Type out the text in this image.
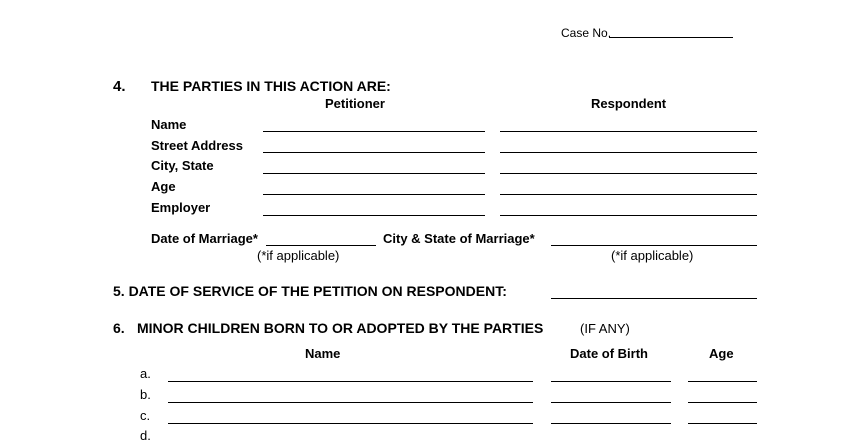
Case No.
4. THE PARTIES IN THIS ACTION ARE:
Petitioner	Respondent
Name
Street Address
City, State
Age
Employer
Date of Marriage*	City & State of Marriage*
(*if applicable)	(*if applicable)
5. DATE OF SERVICE OF THE PETITION ON RESPONDENT:
6. MINOR CHILDREN BORN TO OR ADOPTED BY THE PARTIES	(IF ANY)
Name	Date of Birth	Age
a.
b.
c.
d.
